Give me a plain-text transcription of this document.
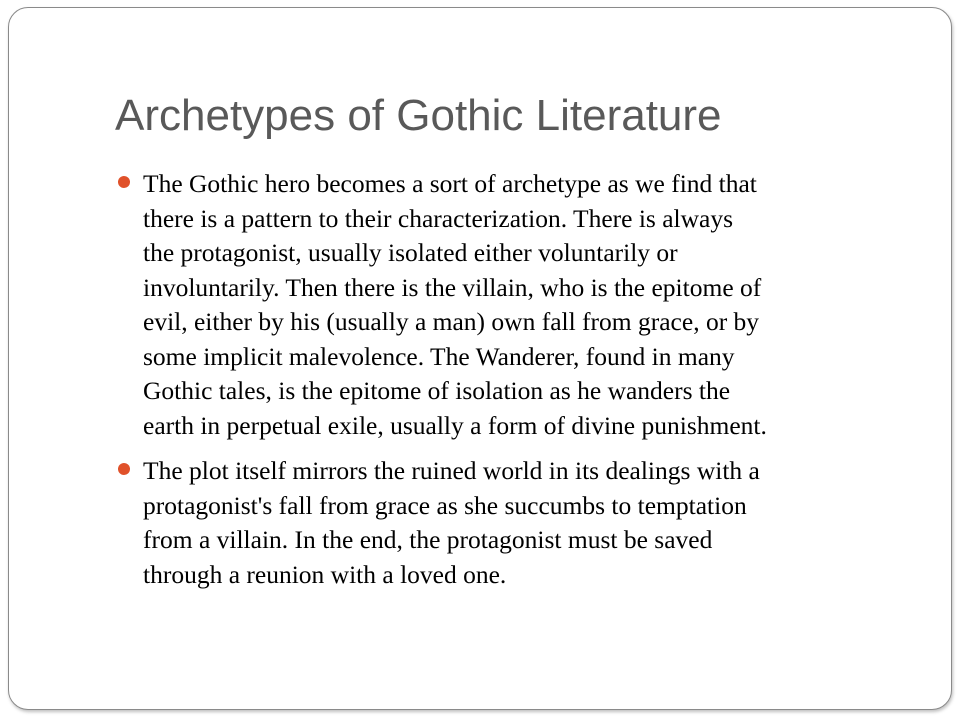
Archetypes of Gothic Literature
The Gothic hero becomes a sort of archetype as we find that
there is a pattern to their characterization. There is always
the protagonist, usually isolated either voluntarily or
involuntarily. Then there is the villain, who is the epitome of
evil, either by his (usually a man) own fall from grace, or by
some implicit malevolence. The Wanderer, found in many
Gothic tales, is the epitome of isolation as he wanders the
earth in perpetual exile, usually a form of divine punishment.
The plot itself mirrors the ruined world in its dealings with a
protagonist's fall from grace as she succumbs to temptation
from a villain. In the end, the protagonist must be saved
through a reunion with a loved one.
